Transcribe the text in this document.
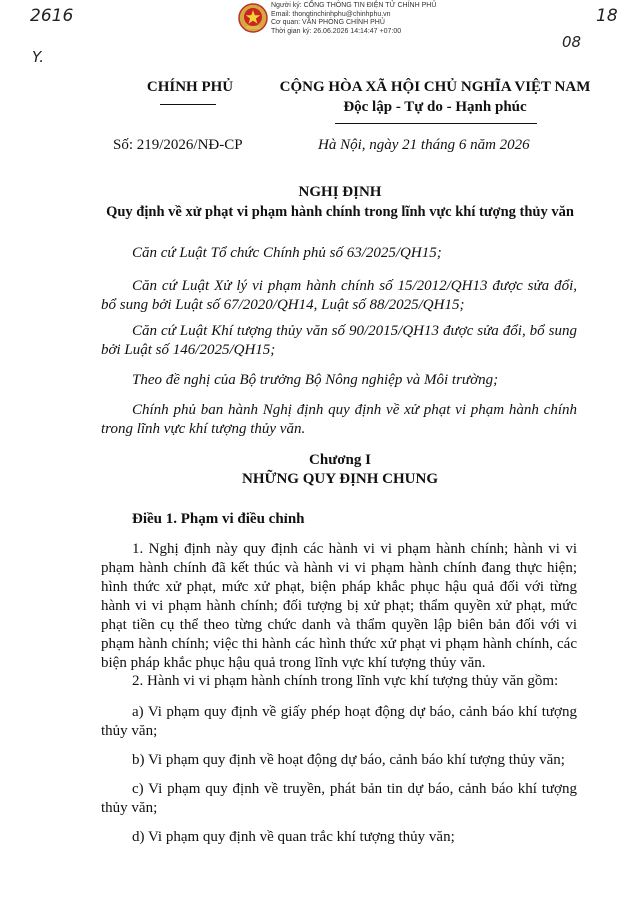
2616
Y.
18
08
Người ký: CỔNG THÔNG TIN ĐIỆN TỬ CHÍNH PHỦ
Email: thongtinchinhphu@chinhphu.vn
Cơ quan: VĂN PHÒNG CHÍNH PHỦ
Thời gian ký: 26.06.2026 14:14:47 +07:00
CHÍNH PHỦ	CỘNG HÒA XÃ HỘI CHỦ NGHĨA VIỆT NAM
Độc lập - Tự do - Hạnh phúc
Số: 219/2026/NĐ-CP	Hà Nội, ngày 21 tháng 6 năm 2026
NGHỊ ĐỊNH
Quy định về xử phạt vi phạm hành chính trong lĩnh vực khí tượng thủy văn
Căn cứ Luật Tổ chức Chính phủ số 63/2025/QH15;
Căn cứ Luật Xử lý vi phạm hành chính số 15/2012/QH13 được sửa đổi, bổ sung bởi Luật số 67/2020/QH14, Luật số 88/2025/QH15;
Căn cứ Luật Khí tượng thủy văn số 90/2015/QH13 được sửa đổi, bổ sung bởi Luật số 146/2025/QH15;
Theo đề nghị của Bộ trưởng Bộ Nông nghiệp và Môi trường;
Chính phủ ban hành Nghị định quy định về xử phạt vi phạm hành chính trong lĩnh vực khí tượng thủy văn.
Chương I
NHỮNG QUY ĐỊNH CHUNG
Điều 1. Phạm vi điều chỉnh
1. Nghị định này quy định các hành vi vi phạm hành chính; hành vi vi phạm hành chính đã kết thúc và hành vi vi phạm hành chính đang thực hiện; hình thức xử phạt, mức xử phạt, biện pháp khắc phục hậu quả đối với từng hành vi vi phạm hành chính; đối tượng bị xử phạt; thẩm quyền xử phạt, mức phạt tiền cụ thể theo từng chức danh và thẩm quyền lập biên bản đối với vi phạm hành chính; việc thi hành các hình thức xử phạt vi phạm hành chính, các biện pháp khắc phục hậu quả trong lĩnh vực khí tượng thủy văn.
2. Hành vi vi phạm hành chính trong lĩnh vực khí tượng thủy văn gồm:
a) Vi phạm quy định về giấy phép hoạt động dự báo, cảnh báo khí tượng thủy văn;
b) Vi phạm quy định về hoạt động dự báo, cảnh báo khí tượng thủy văn;
c) Vi phạm quy định về truyền, phát bản tin dự báo, cảnh báo khí tượng thủy văn;
d) Vi phạm quy định về quan trắc khí tượng thủy văn;
